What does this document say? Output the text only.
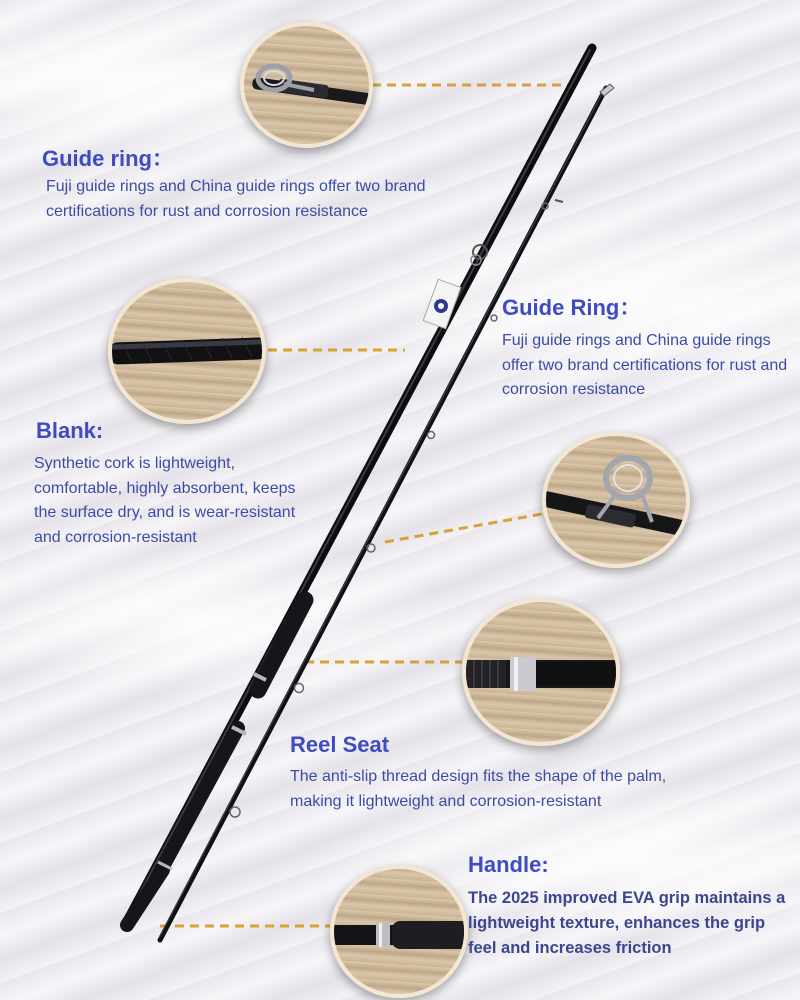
Guide ring：

Fuji guide rings and China guide rings offer two brand certifications for rust and corrosion resistance

Guide Ring：

Fuji guide rings and China guide rings offer two brand certifications for rust and corrosion resistance

Blank:

Synthetic cork is lightweight, comfortable, highly absorbent, keeps the surface dry, and is wear-resistant and corrosion-resistant

Reel Seat

The anti-slip thread design fits the shape of the palm, making it lightweight and corrosion-resistant

Handle:

The 2025 improved EVA grip maintains a lightweight texture, enhances the grip feel and increases friction
